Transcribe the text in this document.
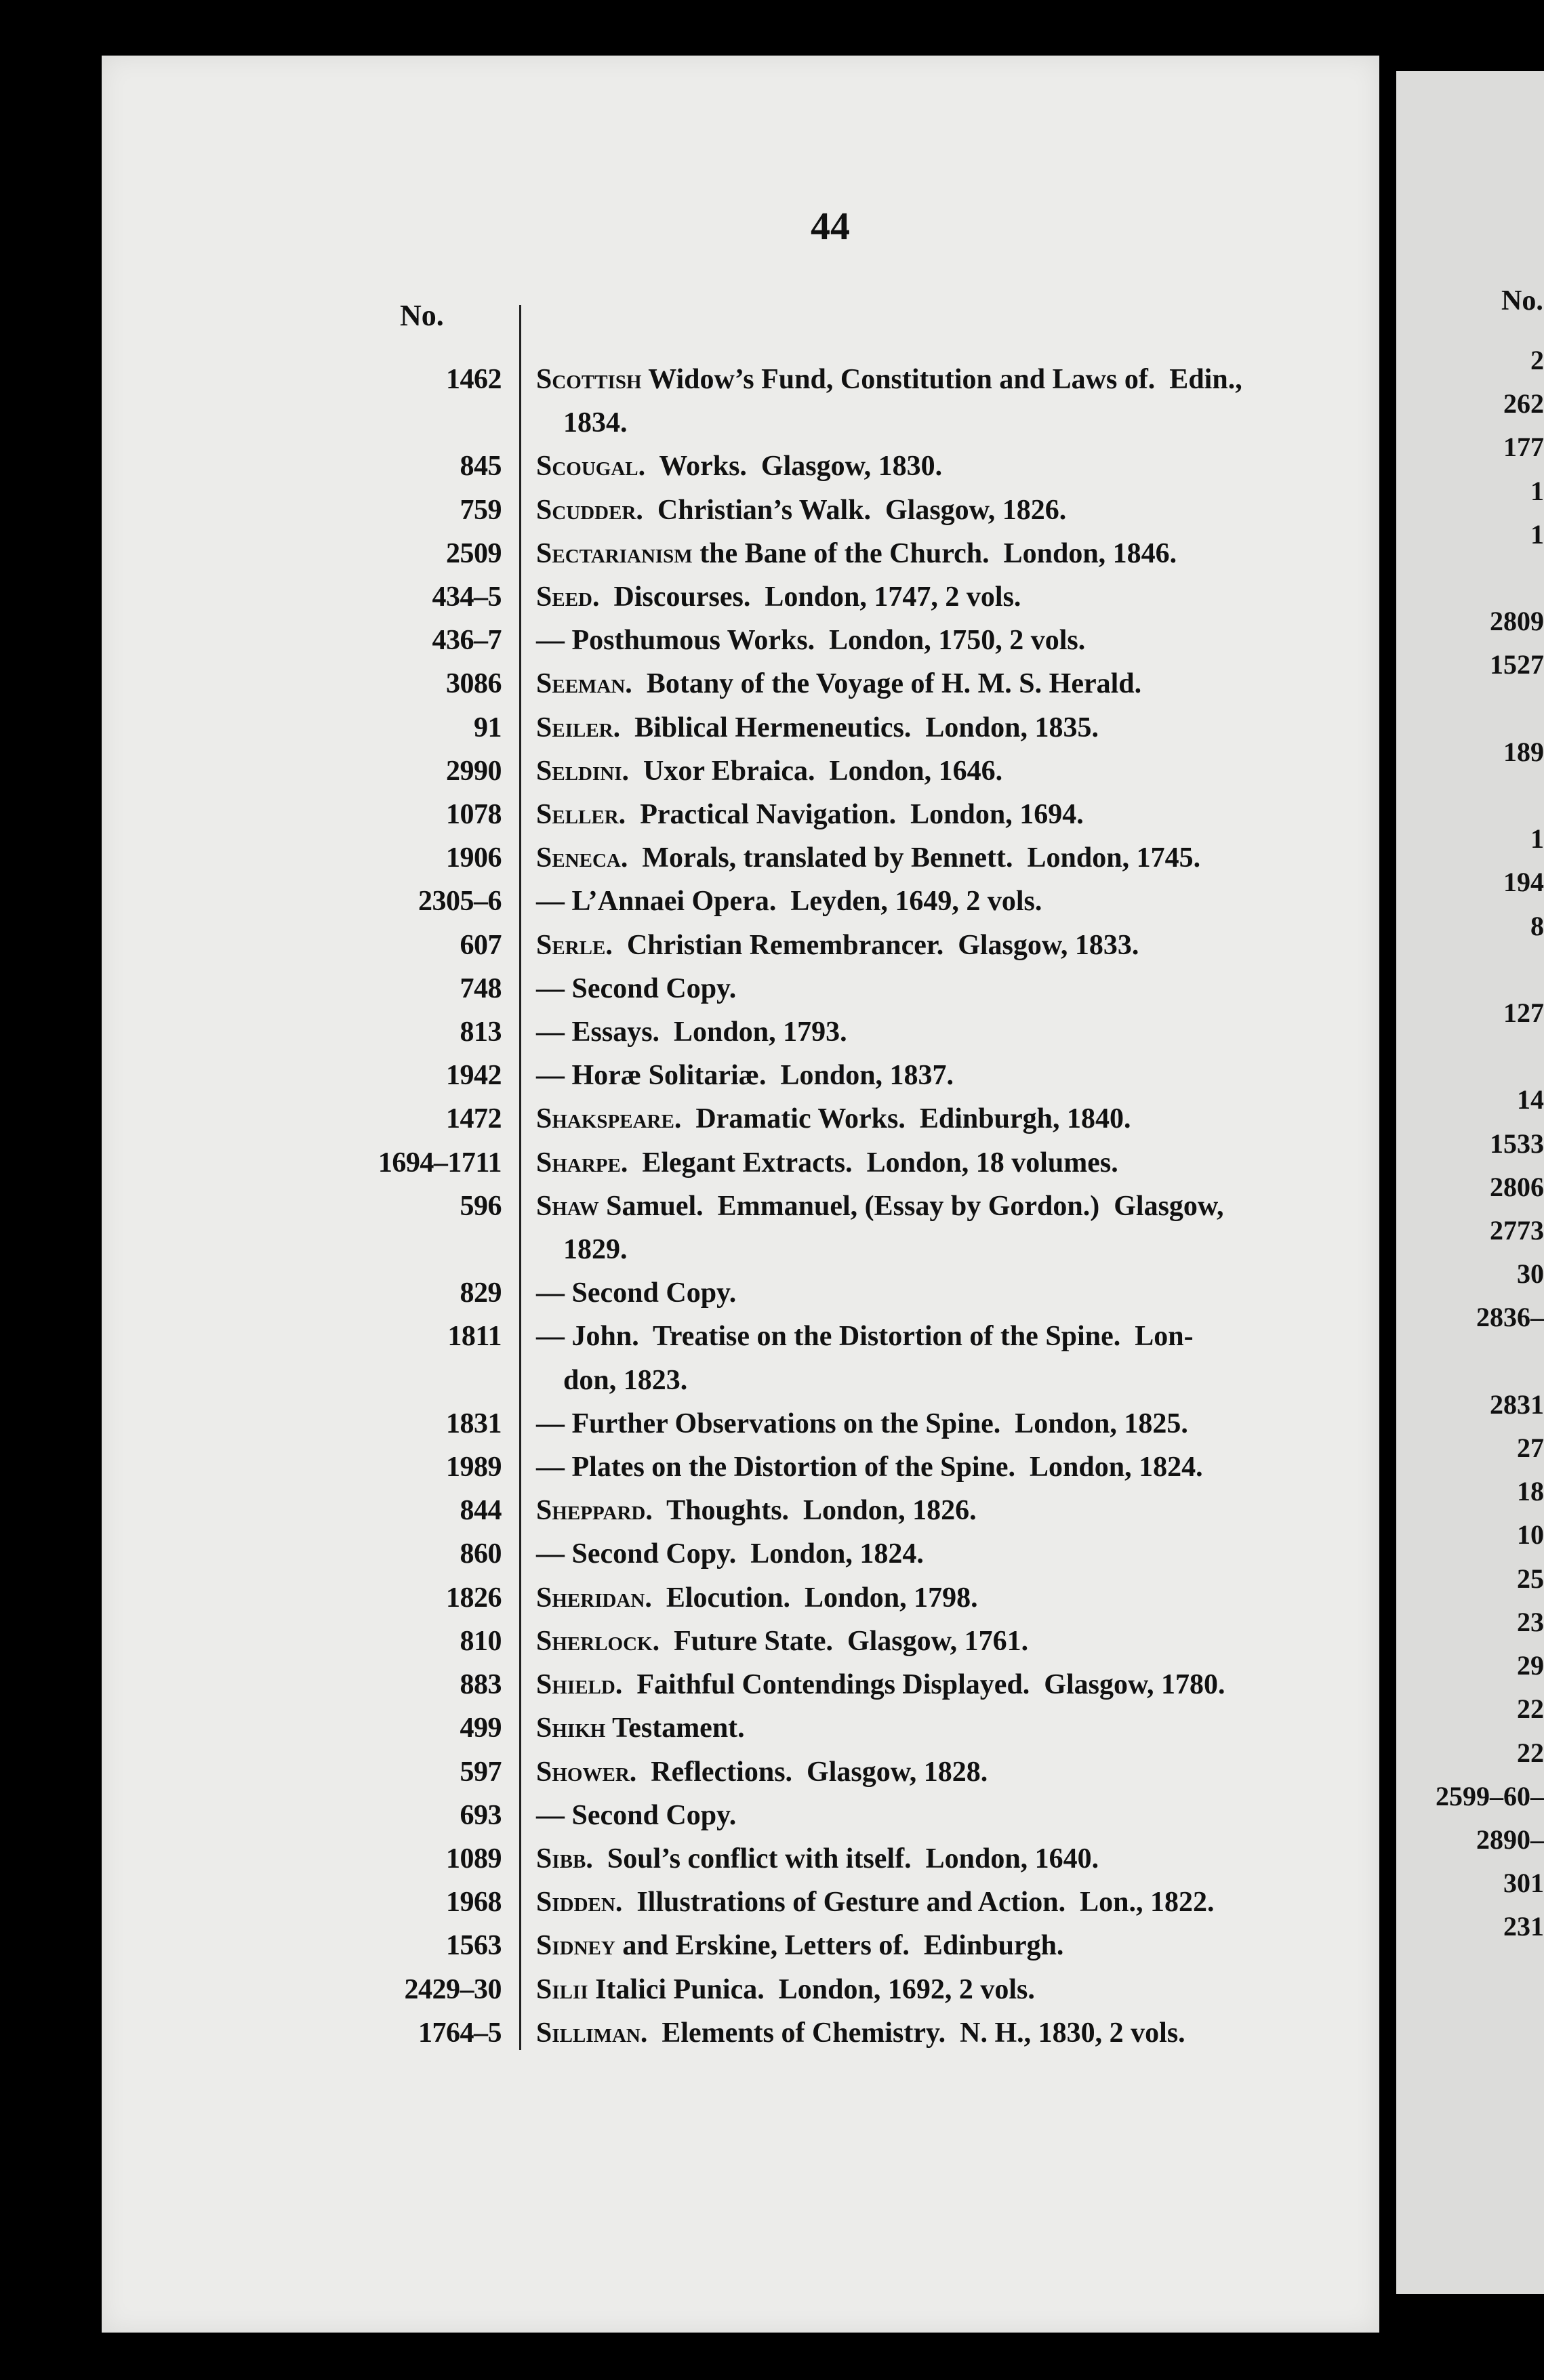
44
No.
1462 Scottish Widow’s Fund, Constitution and Laws of.  Edin.,
1834.
845 Scougal.  Works.  Glasgow, 1830.
759 Scudder.  Christian’s Walk.  Glasgow, 1826.
2509 Sectarianism the Bane of the Church.  London, 1846.
434–5 Seed.  Discourses.  London, 1747, 2 vols.
436–7 — Posthumous Works.  London, 1750, 2 vols.
3086 Seeman.  Botany of the Voyage of H. M. S. Herald.
91 Seiler.  Biblical Hermeneutics.  London, 1835.
2990 Seldini.  Uxor Ebraica.  London, 1646.
1078 Seller.  Practical Navigation.  London, 1694.
1906 Seneca.  Morals, translated by Bennett.  London, 1745.
2305–6 — L’Annaei Opera.  Leyden, 1649, 2 vols.
607 Serle.  Christian Remembrancer.  Glasgow, 1833.
748 — Second Copy.
813 — Essays.  London, 1793.
1942 — Horæ Solitariæ.  London, 1837.
1472 Shakspeare.  Dramatic Works.  Edinburgh, 1840.
1694–1711 Sharpe.  Elegant Extracts.  London, 18 volumes.
596 Shaw Samuel.  Emmanuel, (Essay by Gordon.)  Glasgow,
1829.
829 — Second Copy.
1811 — John.  Treatise on the Distortion of the Spine.  Lon-
don, 1823.
1831 — Further Observations on the Spine.  London, 1825.
1989 — Plates on the Distortion of the Spine.  London, 1824.
844 Sheppard.  Thoughts.  London, 1826.
860 — Second Copy.  London, 1824.
1826 Sheridan.  Elocution.  London, 1798.
810 Sherlock.  Future State.  Glasgow, 1761.
883 Shield.  Faithful Contendings Displayed.  Glasgow, 1780.
499 Shikh Testament.
597 Shower.  Reflections.  Glasgow, 1828.
693 — Second Copy.
1089 Sibb.  Soul’s conflict with itself.  London, 1640.
1968 Sidden.  Illustrations of Gesture and Action.  Lon., 1822.
1563 Sidney and Erskine, Letters of.  Edinburgh.
2429–30 Silii Italici Punica.  London, 1692, 2 vols.
1764–5 Silliman.  Elements of Chemistry.  N. H., 1830, 2 vols.
No.
2
262
177
1
1

2809
1527

189

1
194
8

127

14
1533
2806
2773
30
2836–

2831
27
18
10
25
23
29
22
22
2599–60–
2890–
301
231
